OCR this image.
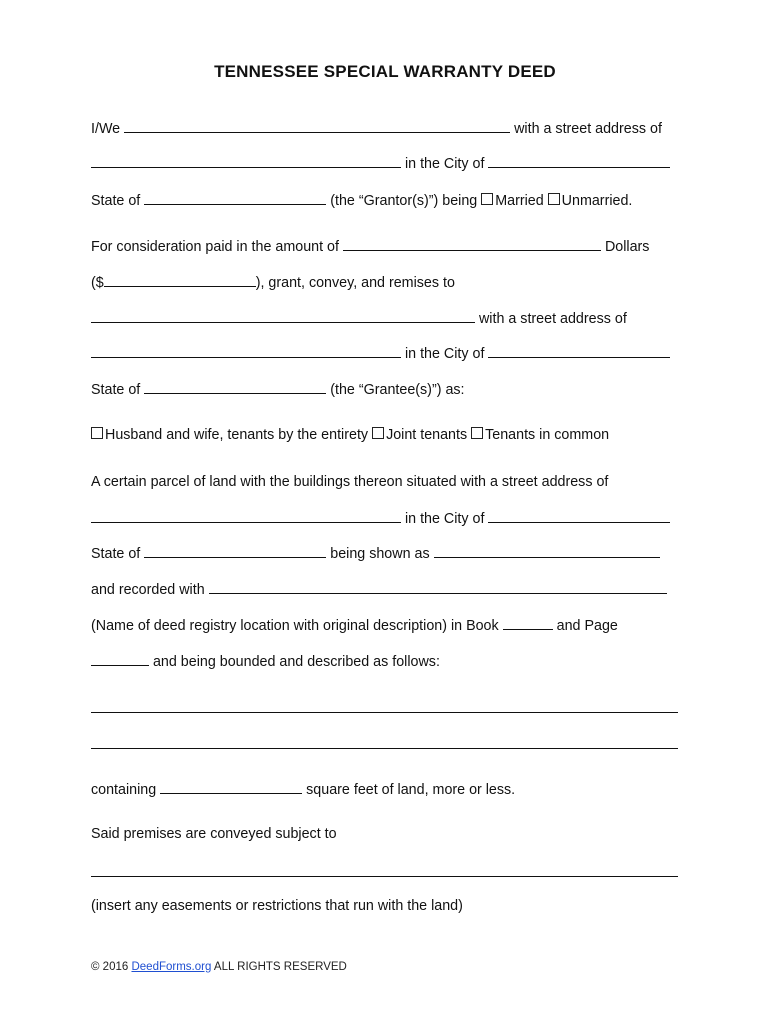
TENNESSEE SPECIAL WARRANTY DEED
I/We	with a street address of
in the City of
State of	(the “Grantor(s)”) being Married Unmarried.
For consideration paid in the amount of	Dollars
($	), grant, convey, and remises to
with a street address of
in the City of
State of	(the “Grantee(s)”) as:
Husband and wife, tenants by the entirety Joint tenants Tenants in common
A certain parcel of land with the buildings thereon situated with a street address of
in the City of
State of	being shown as
and recorded with
(Name of deed registry location with original description) in Book	and Page
and being bounded and described as follows:
containing	square feet of land, more or less.
Said premises are conveyed subject to
(insert any easements or restrictions that run with the land)
© 2016 DeedForms.org ALL RIGHTS RESERVED
